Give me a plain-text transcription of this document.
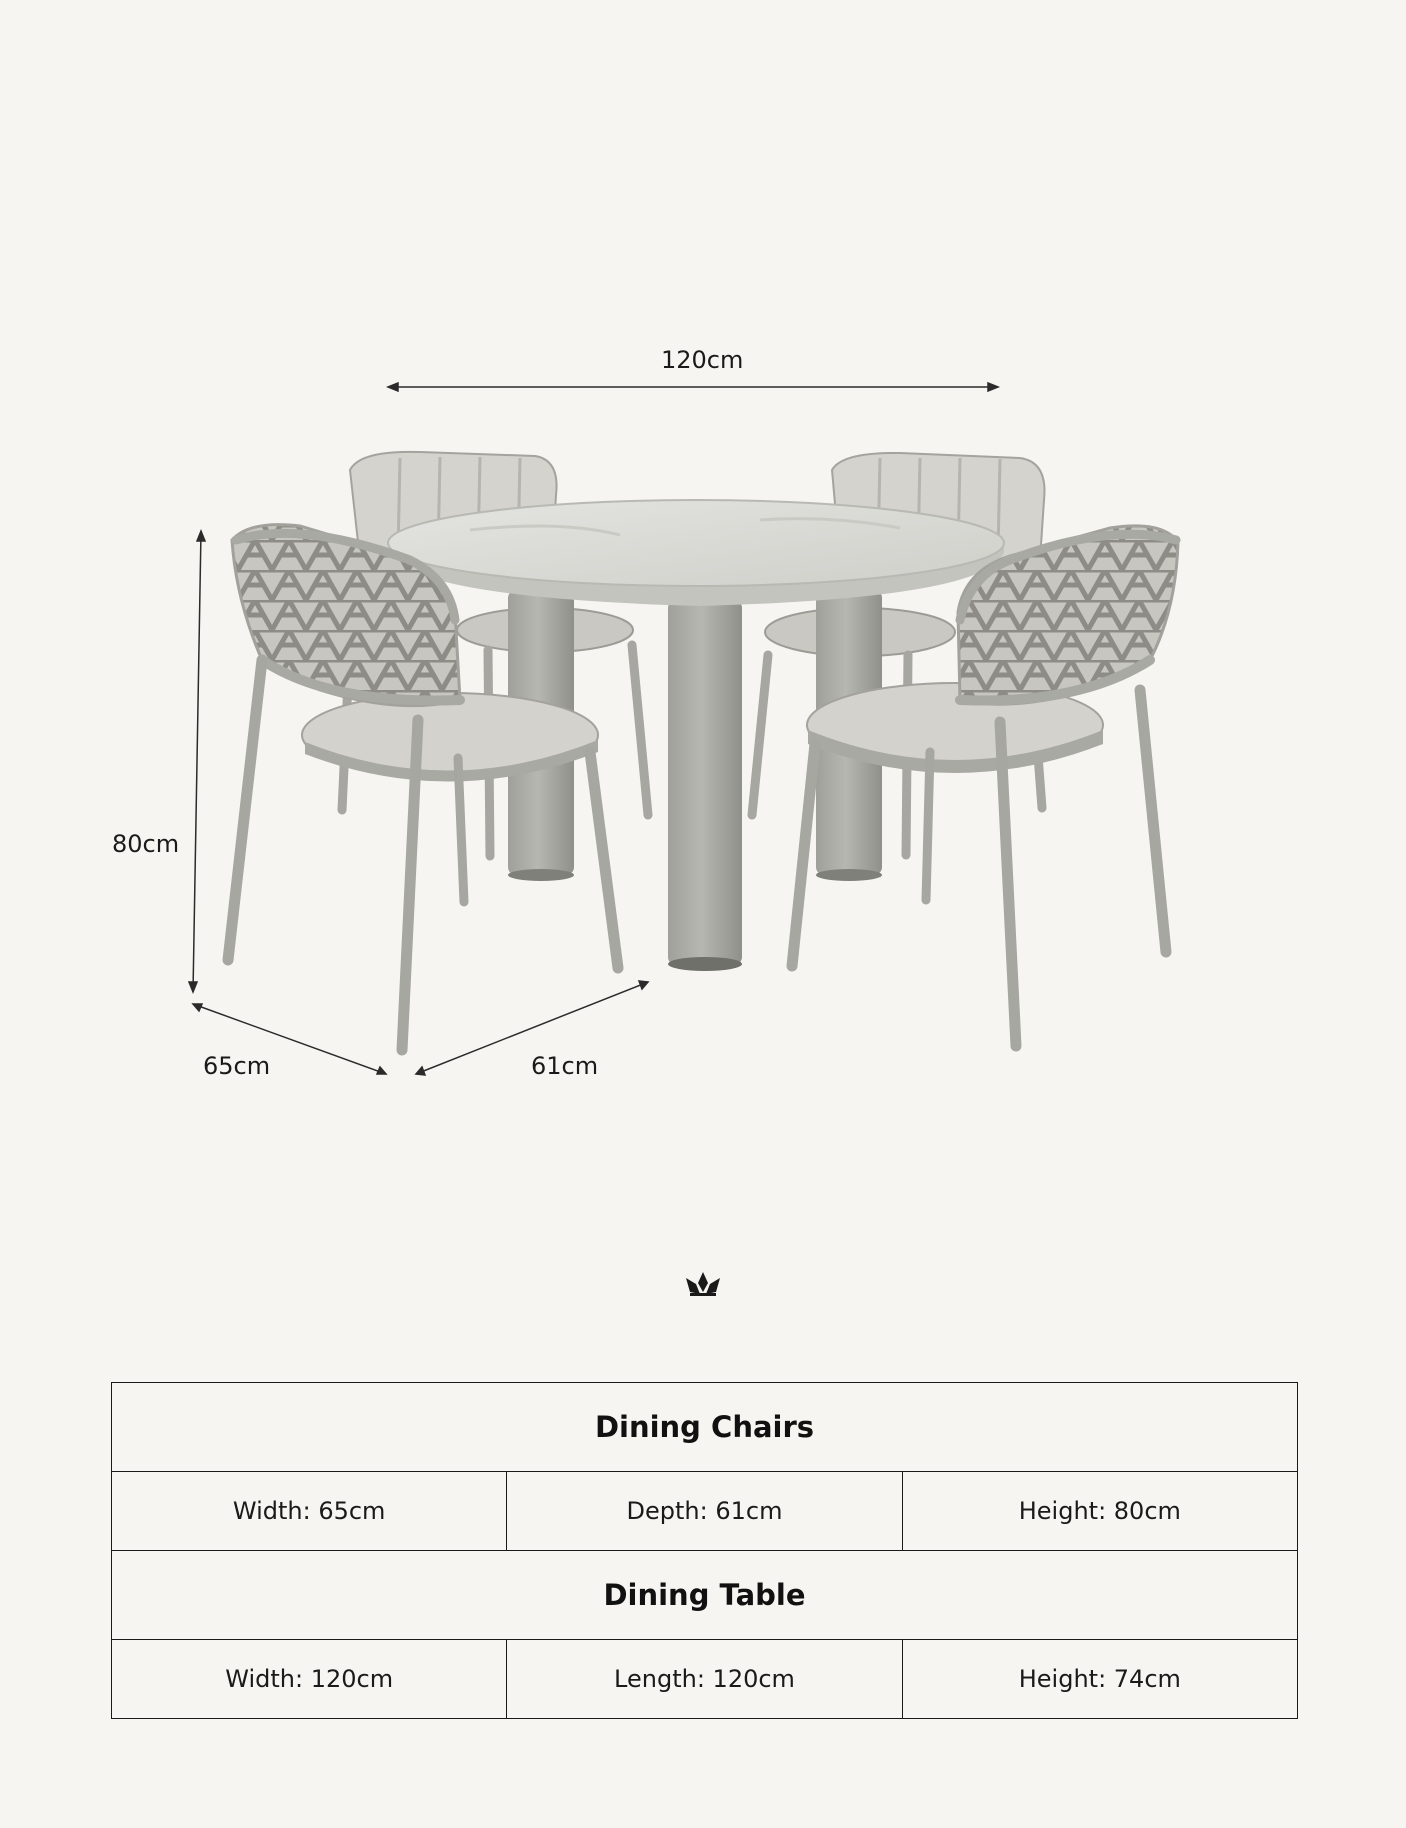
120cm
80cm
65cm	61cm
Dining Chairs		
Width: 65cm	Depth: 61cm	Height: 80cm
Dining Table		
Width: 120cm	Length: 120cm	Height: 74cm
